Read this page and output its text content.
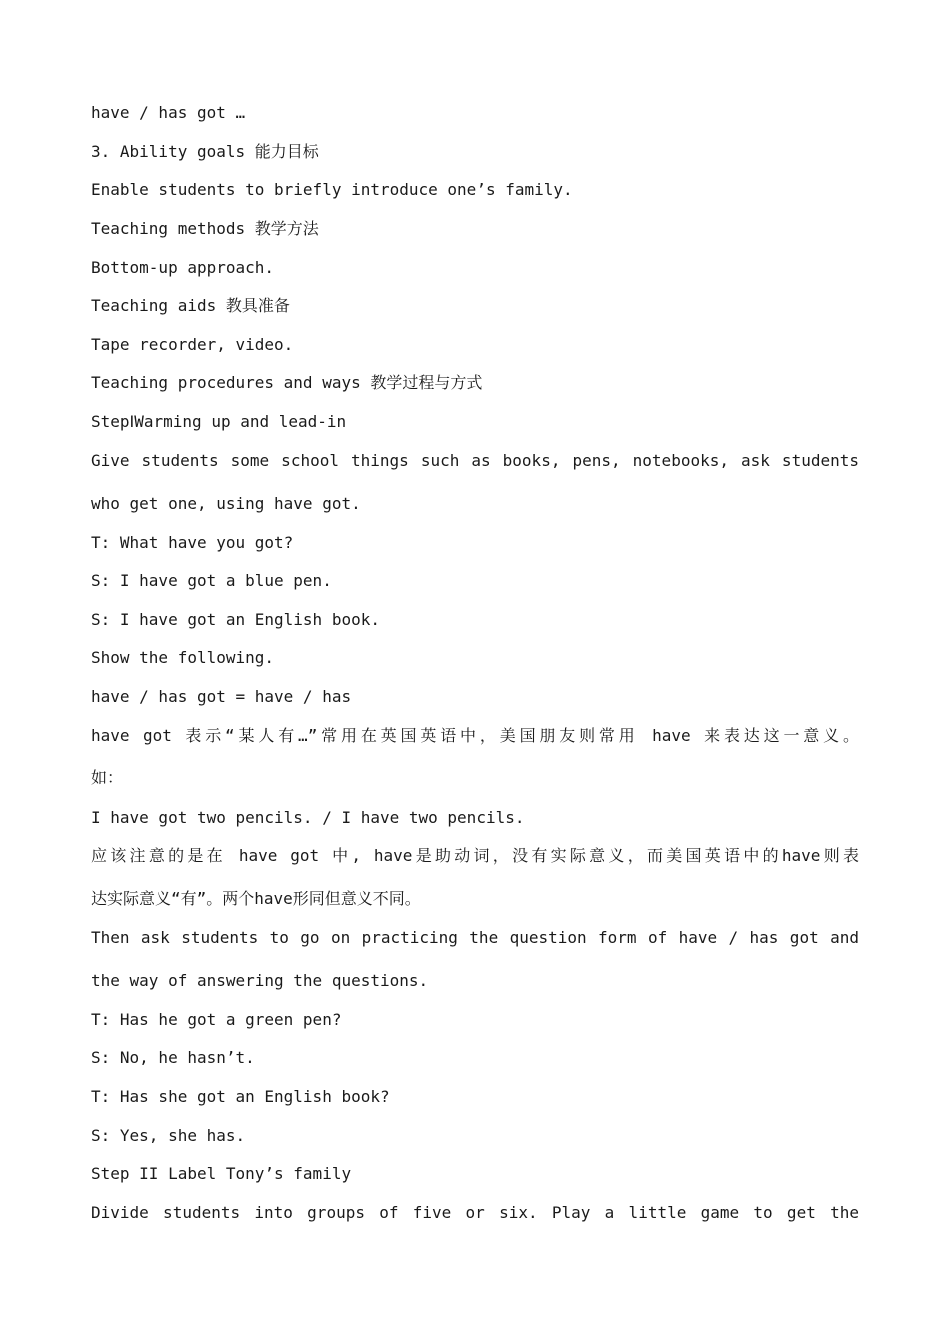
have / has got …
3. Ability goals 能力目标
Enable students to briefly introduce one’s family.
Teaching methods 教学方法
Bottom-up approach.
Teaching aids 教具准备
Tape recorder, video.
Teaching procedures and ways 教学过程与方式
StepⅠWarming up and lead-in
Give students some school things such as books, pens, notebooks, ask students
who get one, using have got.
T: What have you got?
S: I have got a blue pen.
S: I have got an English book.
Show the following.
have / has got = have / has
have got 表示“某人有…”常用在英国英语中，美国朋友则常用 have 来表达这一意义。
如：
I have got two pencils. / I have two pencils.
应该注意的是在 have got 中, have是助动词，没有实际意义，而美国英语中的have则表
达实际意义“有”。两个have形同但意义不同。
Then ask students to go on practicing the question form of have / has got and
the way of answering the questions.
T: Has he got a green pen?
S: No, he hasn’t.
T: Has she got an English book?
S: Yes, she has.
Step II Label Tony’s family
Divide students into groups of five or six. Play a little game to get the
